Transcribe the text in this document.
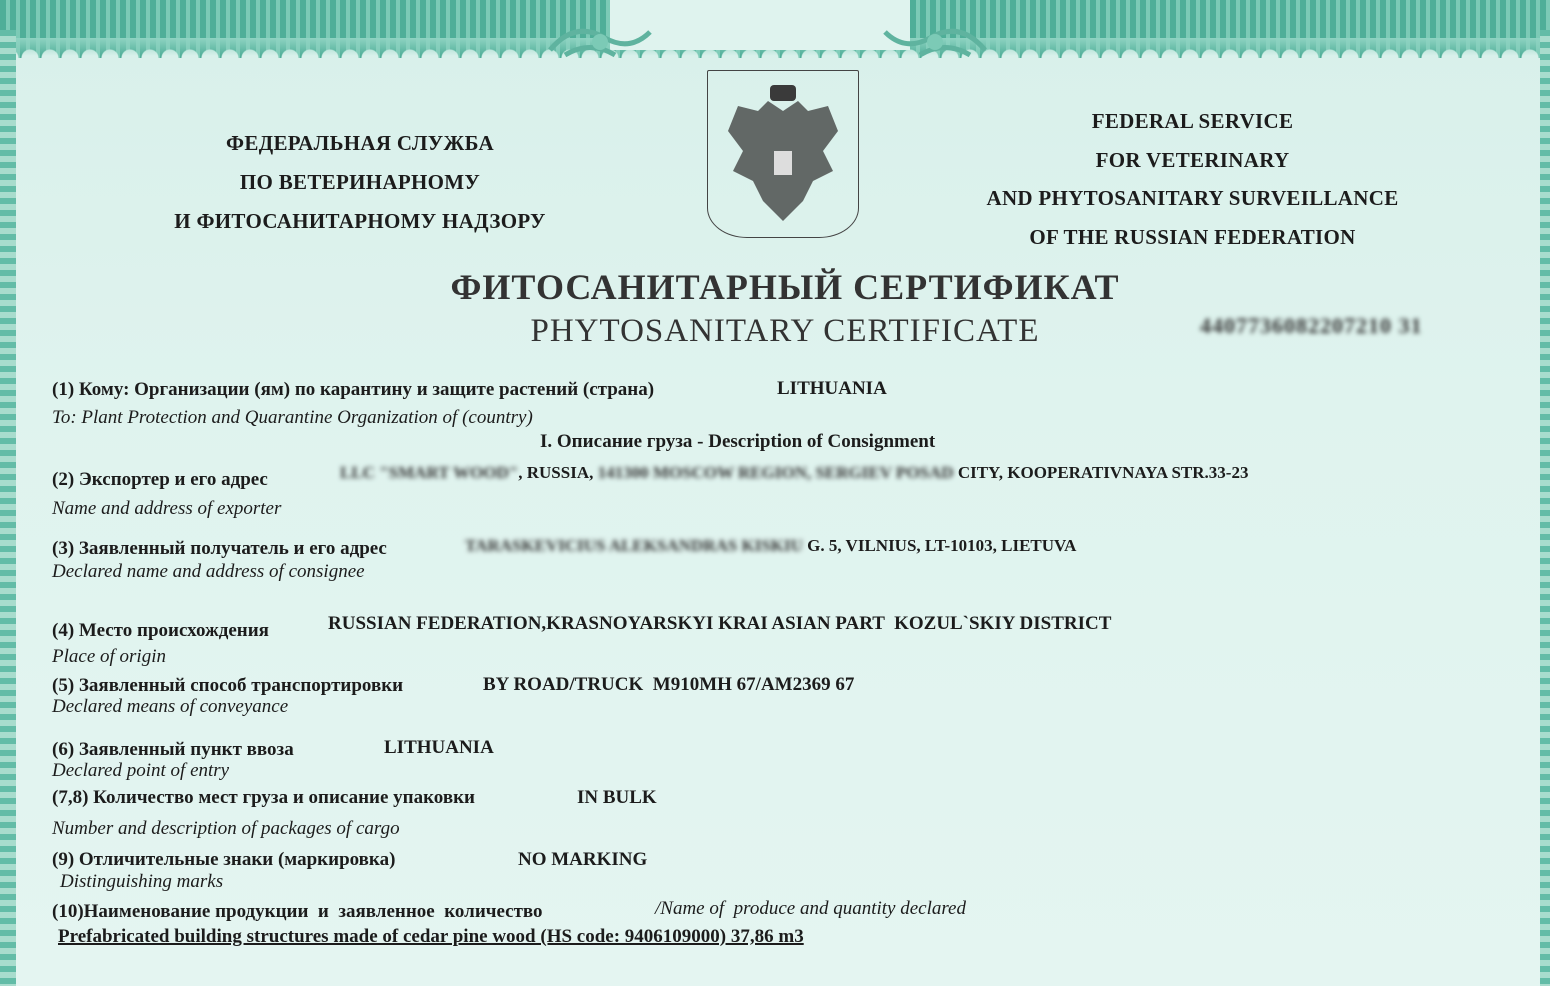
ФЕДЕРАЛЬНАЯ СЛУЖБА
ПО ВЕТЕРИНАРНОМУ
И ФИТОСАНИТАРНОМУ НАДЗОРУ
FEDERAL SERVICE
FOR VETERINARY
AND PHYTOSANITARY SURVEILLANCE
OF THE RUSSIAN FEDERATION
ФИТОСАНИТАРНЫЙ СЕРТИФИКАТ
PHYTOSANITARY CERTIFICATE	4407736082207210 31
(1) Кому: Организации (ям) по карантину и защите растений (страна)	LITHUANIA
To: Plant Protection and Quarantine Organization of (country)
I. Описание груза - Description of Consignment
(2) Экспортер и его адрес	LLC "SMART WOOD", RUSSIA, 141300 MOSCOW REGION, SERGIEV POSAD CITY, KOOPERATIVNAYA STR.33-23
Name and address of exporter
(3) Заявленный получатель и его адрес	TARASKEVICIUS ALEKSANDRAS KISKIU G. 5, VILNIUS, LT-10103, LIETUVA
Declared name and address of consignee
(4) Место происхождения	RUSSIAN FEDERATION,KRASNOYARSKYI KRAI ASIAN PART  KOZUL`SKIY DISTRICT
Place of origin
(5) Заявленный способ транспортировки	BY ROAD/TRUCK  M910MH 67/AM2369 67
Declared means of conveyance
(6) Заявленный пункт ввоза	LITHUANIA
Declared point of entry
(7,8) Количество мест груза и описание упаковки	IN BULK
Number and description of packages of cargo
(9) Отличительные знаки (маркировка)	NO MARKING
Distinguishing marks
(10)Наименование продукции  и  заявленное  количество	/Name of  produce and quantity declared
Prefabricated building structures made of cedar pine wood (HS code: 9406109000) 37,86 m3
